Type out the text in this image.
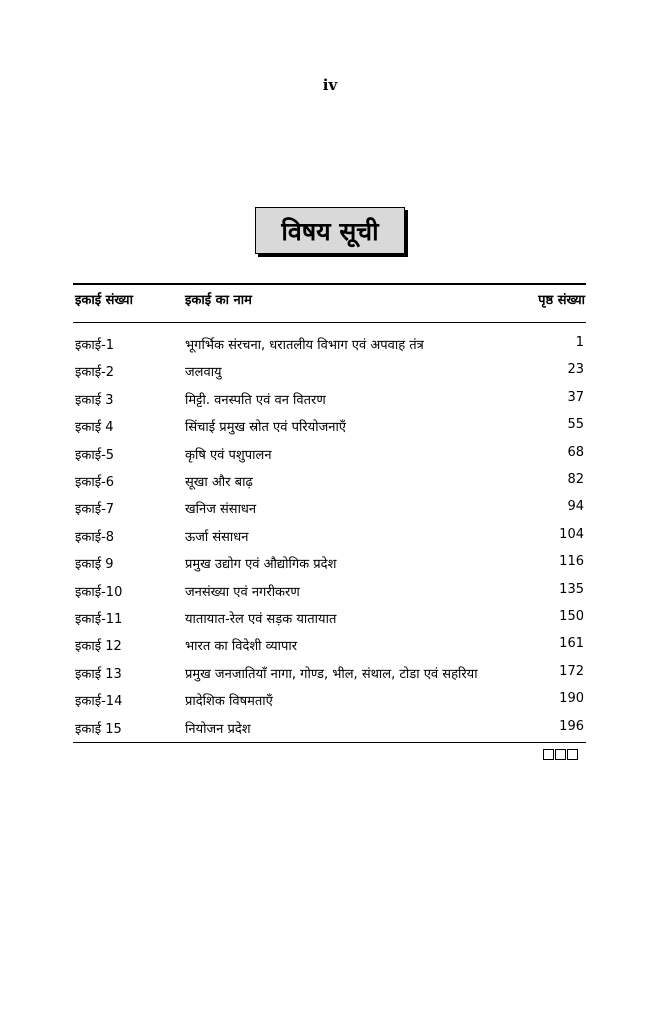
iv
विषय सूची
इकाई संख्या	इकाई का नाम	पृष्ठ संख्या
इकाई-1	भूगर्भिक संरचना, धरातलीय विभाग एवं अपवाह तंत्र	1
इकाई-2	जलवायु	23
इकाई 3	मिट्टी. वनस्पति एवं वन वितरण	37
इकाई 4	सिंचाई प्रमुख स्रोत एवं परियोजनाएँ	55
इकाई-5	कृषि एवं पशुपालन	68
इकाई-6	सूखा और बाढ़	82
इकाई-7	खनिज संसाधन	94
इकाई-8	ऊर्जा संसाधन	104
इकाई 9	प्रमुख उद्योग एवं औद्योगिक प्रदेश	116
इकाई-10	जनसंख्या एवं नगरीकरण	135
इकाई-11	यातायात-रेल एवं सड़क यातायात	150
इकाई 12	भारत का विदेशी व्यापार	161
इकाई 13	प्रमुख जनजातियाँ नागा, गोण्ड, भील, संथाल, टोडा एवं सहरिया	172
इकाई-14	प्रादेशिक विषमताएँ	190
इकाई 15	नियोजन प्रदेश	196
